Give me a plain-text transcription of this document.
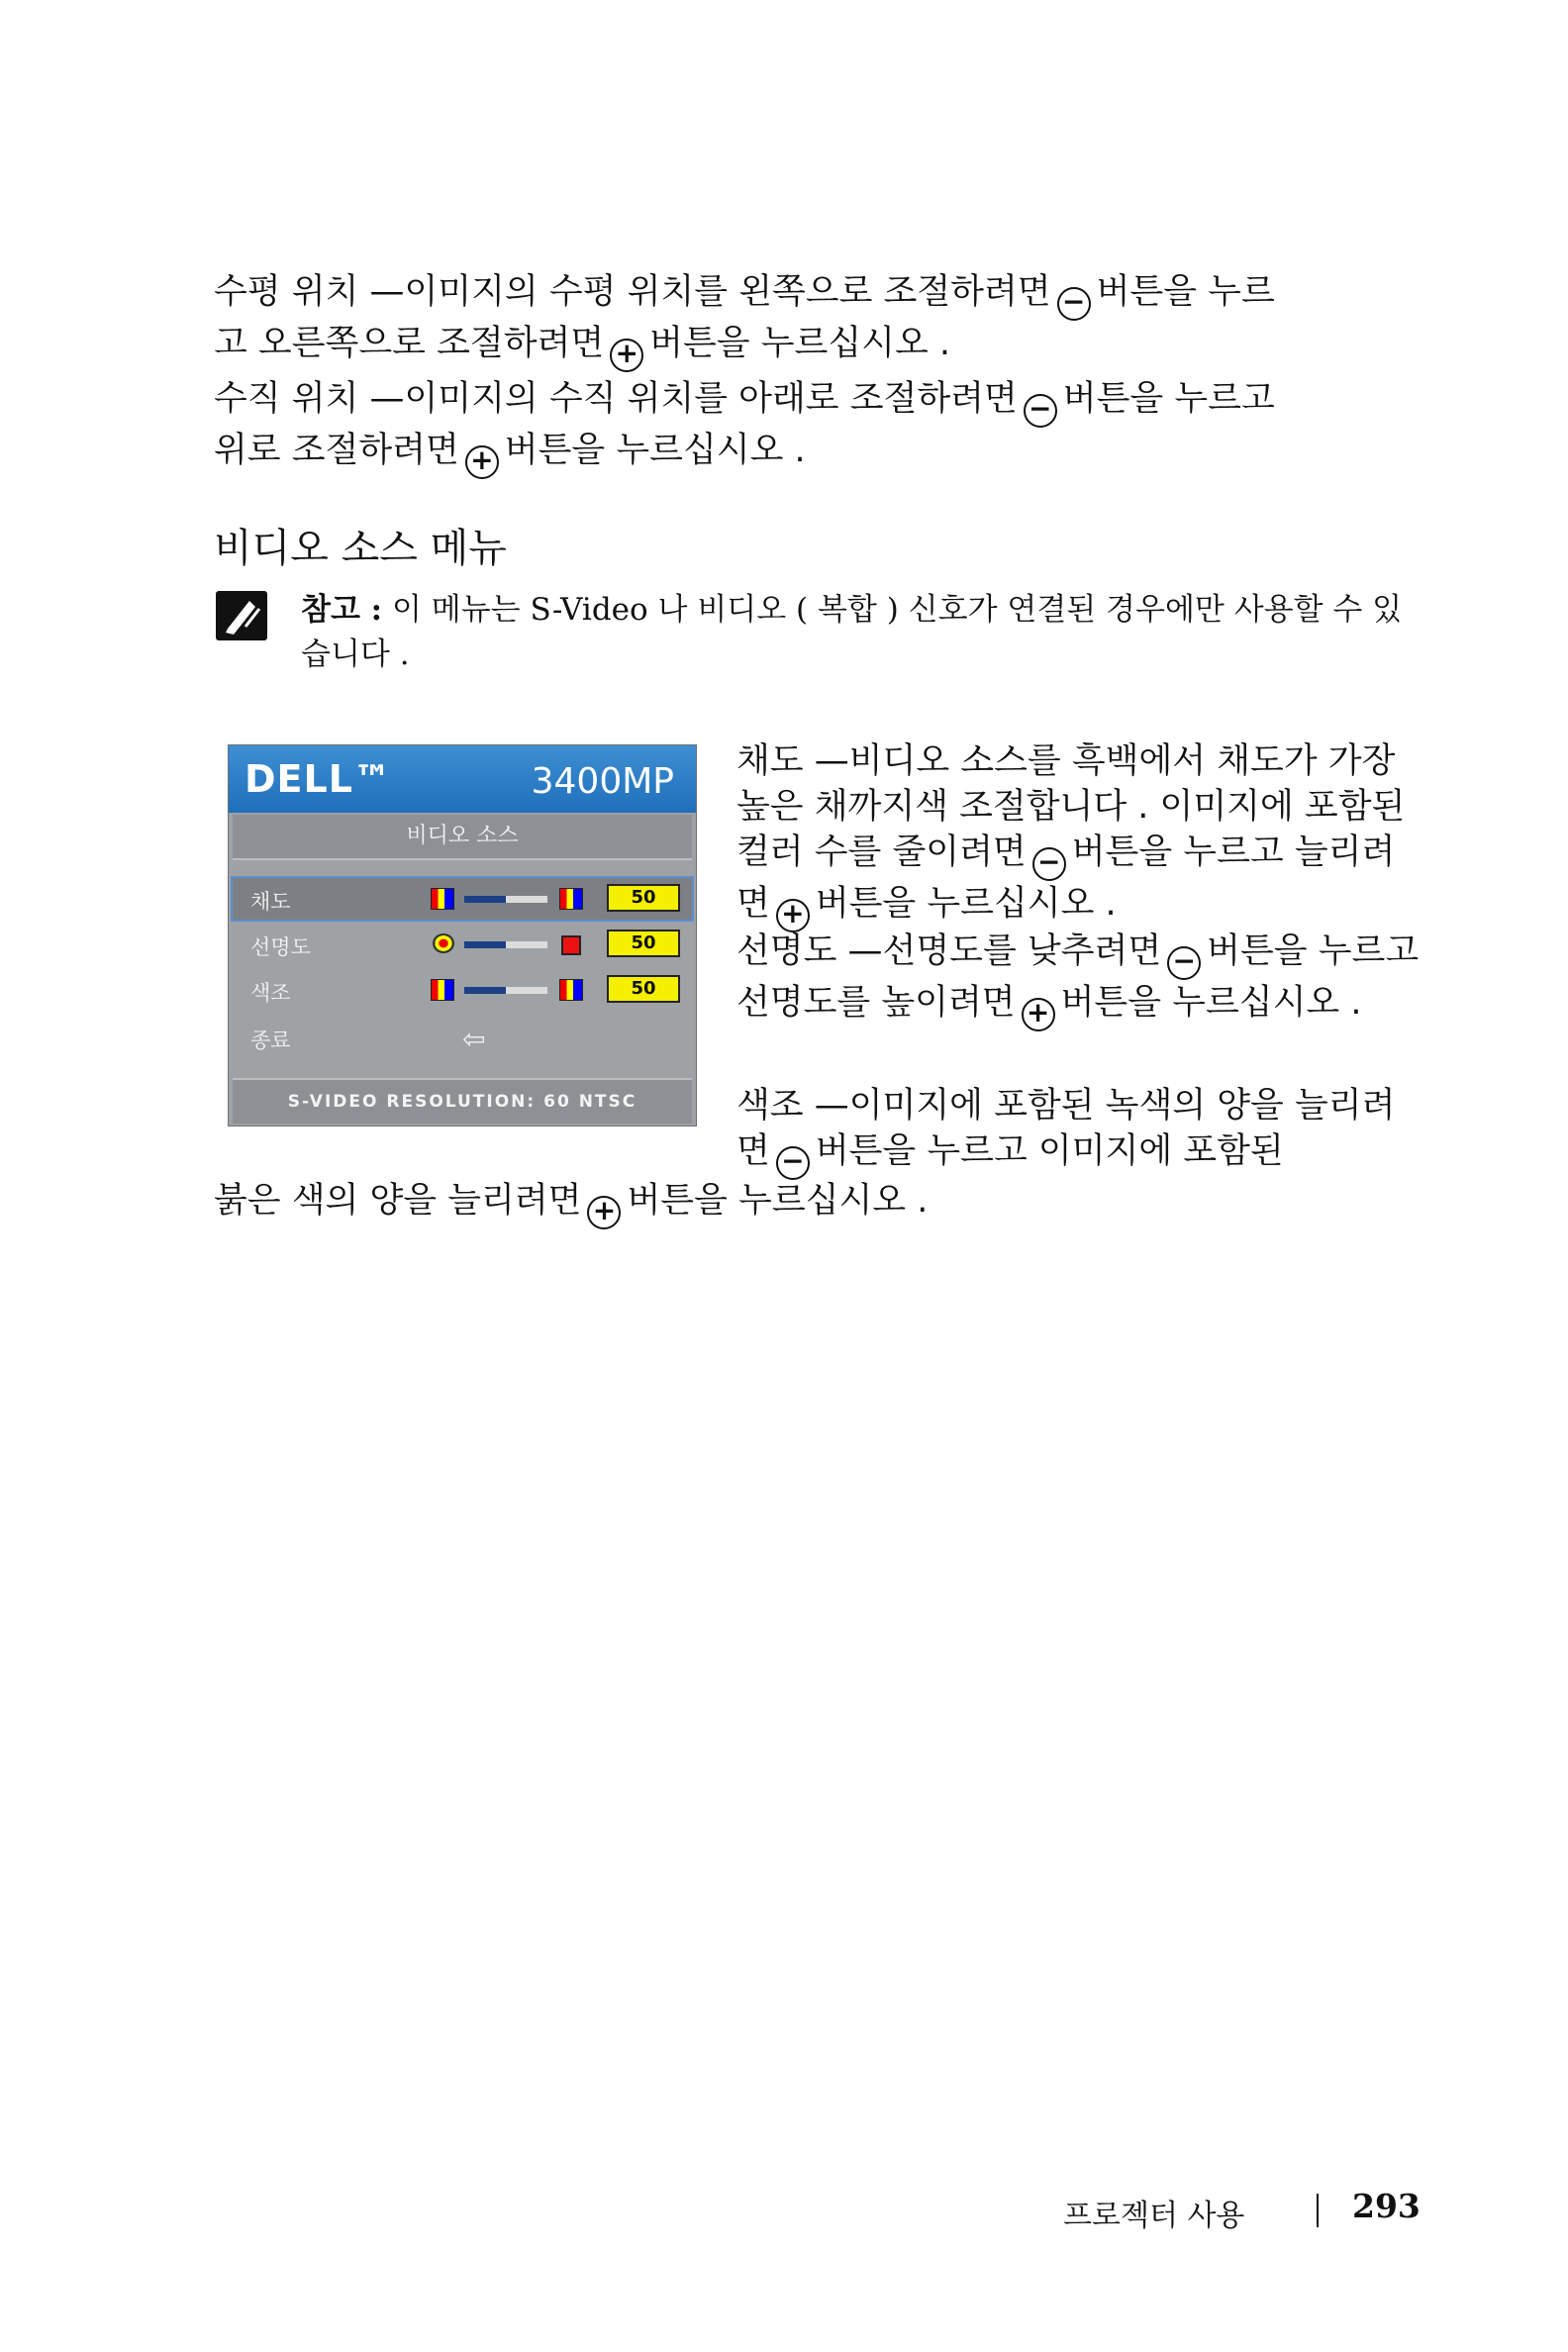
수평 위치 —이미지의 수평 위치를 왼쪽으로 조절하려면 − 버튼을 누르
고 오른쪽으로 조절하려면 + 버튼을 누르십시오 .

수직 위치 —이미지의 수직 위치를 아래로 조절하려면 − 버튼을 누르고
위로 조절하려면 + 버튼을 누르십시오 .

비디오 소스 메뉴
참고 : 이 메뉴는 S-Video 나 비디오 ( 복합 ) 신호가 연결된 경우에만 사용할 수 있습니다 .
DELL™	3400MP
비디오 소스
채도	50
선명도	50
색조	50
종료	⇦
S-VIDEO RESOLUTION: 60 NTSC

채도 —비디오 소스를 흑백에서 채도가 가장 높은 채까지색 조절합니다 . 이미지에 포함된 컬러 수를 줄이려면 − 버튼을 누르고 늘리려면 + 버튼을 누르십시오 .

선명도 —선명도를 낮추려면 − 버튼을 누르고 선명도를 높이려면 + 버튼을 누르십시오 .

색조 —이미지에 포함된 녹색의 양을 늘리려면 − 버튼을 누르고 이미지에 포함된

붉은 색의 양을 늘리려면 + 버튼을 누르십시오 .

프로젝터 사용	293
